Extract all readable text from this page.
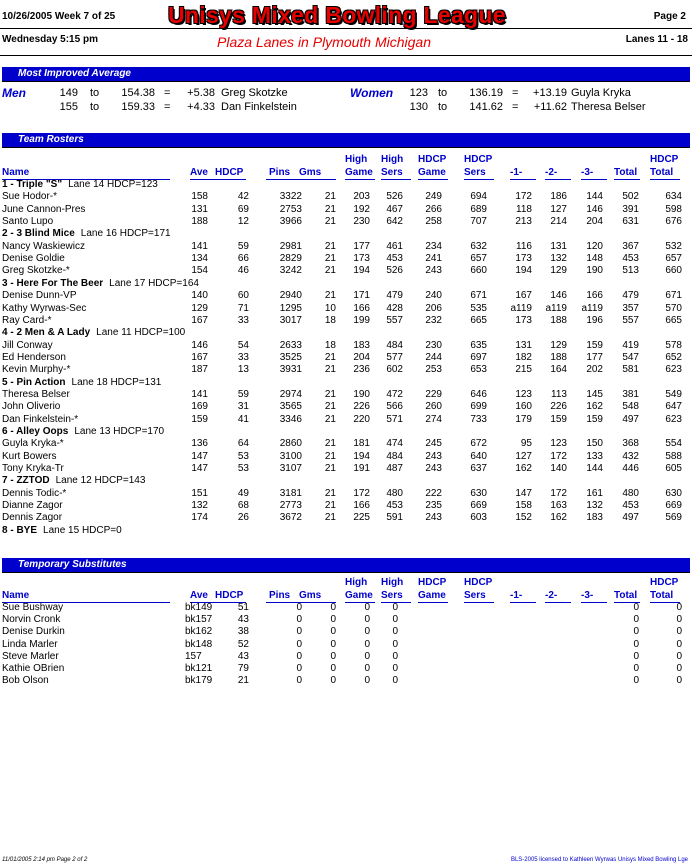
10/26/2005 Week 7 of 25 Unisys Mixed Bowling League	Page 2
Wednesday 5:15 pm	Plaza Lanes in Plymouth Michigan	Lanes 11 - 18
Most Improved Average
Men	Women
149 to	154.38 =	+5.38 Greg Skotzke
155 to	159.33 =	+4.33 Dan Finkelstein
123 to	136.19 =	+13.19 Guyla Kryka
130 to	141.62 =	+11.62 Theresa Belser
Team Rosters
Name	Ave HDCP	Pins Gms
High
Game
High
Sers
HDCP
Game
HDCP
Sers
HDCP
Total
-1- -2- -3- Total
1 - Triple "S" Lane 14 HDCP=123
Sue Hodor-*	158	42	3322	21	203	526	249	694	172	186	144	502	634
June Cannon-Pres	131	69	2753	21	192	467	266	689	118	127	146	391	598
Santo Lupo	188	12	3966	21	230	642	258	707	213	214	204	631	676
2 - 3 Blind Mice Lane 16 HDCP=171
Nancy Waskiewicz	141	59	2981	21	177	461	234	632	116	131	120	367	532
Denise Goldie	134	66	2829	21	173	453	241	657	173	132	148	453	657
Greg Skotzke-*	154	46	3242	21	194	526	243	660	194	129	190	513	660
3 - Here For The Beer Lane 17 HDCP=164
Denise Dunn-VP	140	60	2940	21	171	479	240	671	167	146	166	479	671
Kathy Wyrwas-Sec	129	71	1295	10	166	428	206	535	a119	a119	a119	357	570
Ray Card-*	167	33	3017	18	199	557	232	665	173	188	196	557	665
4 - 2 Men & A Lady Lane 11 HDCP=100
Jill Conway	146	54	2633	18	183	484	230	635	131	129	159	419	578
Ed Henderson	167	33	3525	21	204	577	244	697	182	188	177	547	652
Kevin Murphy-*	187	13	3931	21	236	602	253	653	215	164	202	581	623
5 - Pin Action Lane 18 HDCP=131
Theresa Belser	141	59	2974	21	190	472	229	646	123	113	145	381	549
John Oliverio	169	31	3565	21	226	566	260	699	160	226	162	548	647
Dan Finkelstein-*	159	41	3346	21	220	571	274	733	179	159	159	497	623
6 - Alley Oops Lane 13 HDCP=170
Guyla Kryka-*	136	64	2860	21	181	474	245	672	95	123	150	368	554
Kurt Bowers	147	53	3100	21	194	484	243	640	127	172	133	432	588
Tony Kryka-Tr	147	53	3107	21	191	487	243	637	162	140	144	446	605
7 - ZZTOD Lane 12 HDCP=143
Dennis Todic-*	151	49	3181	21	172	480	222	630	147	172	161	480	630
Dianne Zagor	132	68	2773	21	166	453	235	669	158	163	132	453	669
Dennis Zagor	174	26	3672	21	225	591	243	603	152	162	183	497	569
8 - BYE Lane 15 HDCP=0
Temporary Substitutes
Name	Ave HDCP	Pins Gms
High
Game
High
Sers
HDCP
Game
HDCP
Sers
HDCP
Total
-1- -2- -3- Total
Sue Bushway	bk149	51	0	0	0	0	0	0
Norvin Cronk	bk157	43	0	0	0	0	0	0
Denise Durkin	bk162	38	0	0	0	0	0	0
Linda Marler	bk148	52	0	0	0	0	0	0
Steve Marler	157	43	0	0	0	0	0	0
Kathie OBrien	bk121	79	0	0	0	0	0	0
Bob Olson	bk179	21	0	0	0	0	0	0
11/01/2005 2:14 pm Page 2 of 2	BLS-2005 licensed to Kathleen Wyrwas Unisys Mixed Bowling Lge
